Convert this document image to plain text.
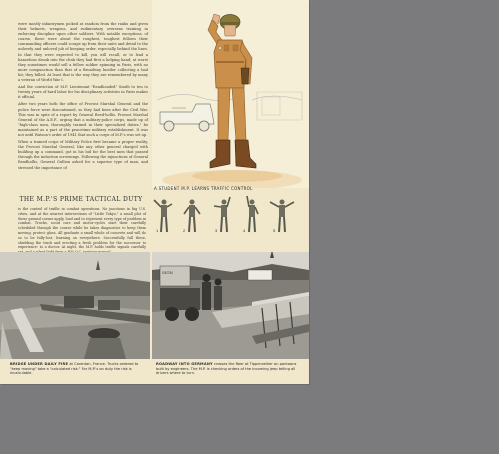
were mostly infantrymen picked at random from the ranks and given their helmets, weapons, and rudimentary overseas training in enforcing discipline upon other soldiers. With notable exceptions, of course, these were about the roughest, toughest fellows their commanding officers could scrape up from their units and detail to the unlovely and unloved job of keeping order, especially behind the lines. In that they were expected to kill, you will recall, or to lead a hazardous drunk into the clink they had first a helping hand; at worst they sometimes would sell a fellow soldier spinning in Paris, with no more compunction than that of a Broadway bustler collecting a bad hit; they billed. At least that is the way they are remembered by many a veteran of World War I.

And the conviction of M.P. Lieutenant "Readheaded" Smith to ten to twenty years of hard labor for his disciplinary activities in Paris makes it official.

After two years both the office of Provost Marshal General and the police force were discontinued, so they had been after the Civil War. This was in spite of a report by General Reed-hollis, Provost Marshal General of the A.E.F., urging that a military-police corps, made up of "high-class men, thoroughly trained in their specialized duties," be maintained as a part of the peacetime military establishment. It was not until Watson's order of 1941 that such a corps of M.P.'s was set up.

When a trained corps of Military Police first became a proper reality, the Provost Marshal General, like any other general charged with building up a command, got in his bid for the best men that passed through the induction screenings. Following the injunctions of General Readhollis, General Gullion asked for a superior type of man, and stressed the importance of

A STUDENT M.P. LEARNS TRAFFIC CONTROL
1	2	3	4	5
THE M.P.'S PRIME TACTICAL DUTY
is the control of traffic in combat operations. No junctions in big U.S. cities, and at the nearest intersections of "Little Tokyo," a small plot of these ground corner apply, load and to represent every type of problem in combat. Trucks, scout cars and motor-cycles start their carefully scheduled through the course while he takes diagnostics to keep them moving, protect glass. All graduate a small whole of concrete and will do so to be fully-lost, learning on everywhere. Successfully full these, shielding the track and erecting a fresh problem for the successor to experience: to a doctor. At night, the M.P. holds traffic signals carefully
SIGN
BRIDGE UNDER DAILY FIRE at Carentan, France. Trucks ordered to "keep moving" take a "calculated risk." For M.P.'s on duty the risk is incalculable.
ROADWAY INTO GERMANY crosses the Roer at Tippenrather on pontoons built by engineers. The M.P. is checking orders of the incoming jeep telling all drivers where to turn.
